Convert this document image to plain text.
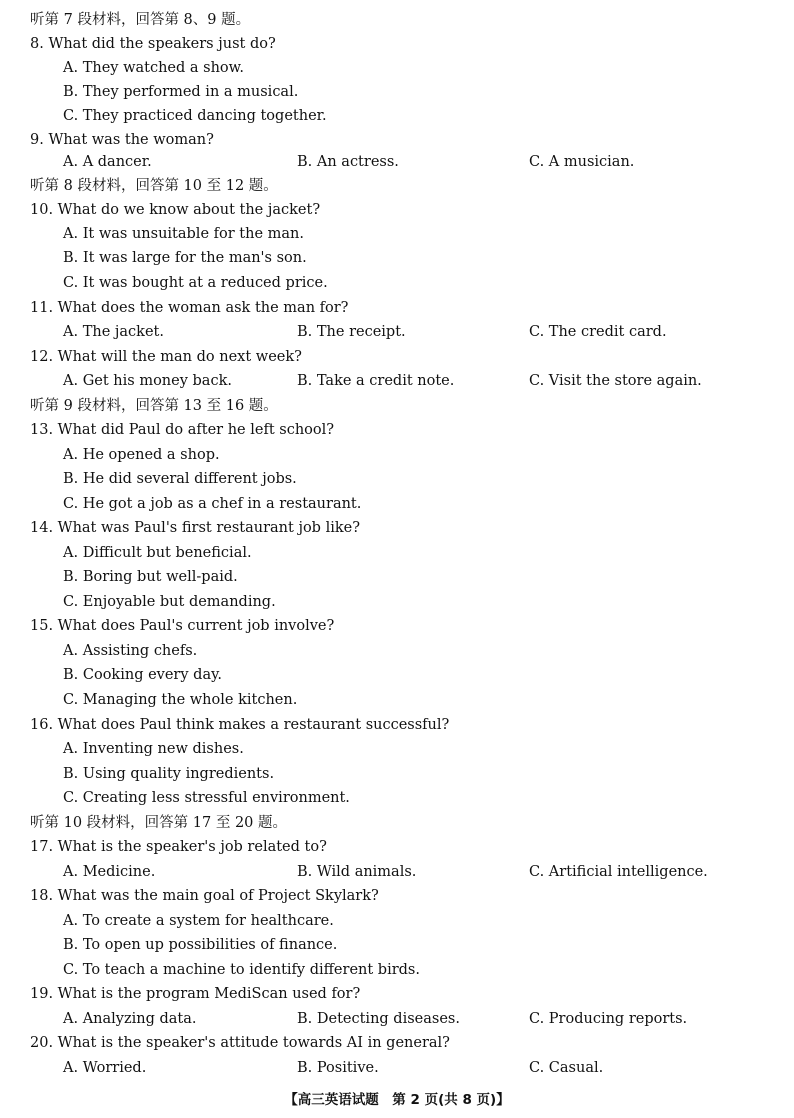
听第 7 段材料，回答第 8、9 题。
8. What did the speakers just do?
A. They watched a show.
B. They performed in a musical.
C. They practiced dancing together.
9. What was the woman?
A. A dancer.	B. An actress.	C. A musician.
听第 8 段材料，回答第 10 至 12 题。
10. What do we know about the jacket?
A. It was unsuitable for the man.
B. It was large for the man's son.
C. It was bought at a reduced price.
11. What does the woman ask the man for?
A. The jacket.	B. The receipt.	C. The credit card.
12. What will the man do next week?
A. Get his money back.	B. Take a credit note.	C. Visit the store again.
听第 9 段材料，回答第 13 至 16 题。
13. What did Paul do after he left school?
A. He opened a shop.
B. He did several different jobs.
C. He got a job as a chef in a restaurant.
14. What was Paul's first restaurant job like?
A. Difficult but beneficial.
B. Boring but well-paid.
C. Enjoyable but demanding.
15. What does Paul's current job involve?
A. Assisting chefs.
B. Cooking every day.
C. Managing the whole kitchen.
16. What does Paul think makes a restaurant successful?
A. Inventing new dishes.
B. Using quality ingredients.
C. Creating less stressful environment.
听第 10 段材料，回答第 17 至 20 题。
17. What is the speaker's job related to?
A. Medicine.	B. Wild animals.	C. Artificial intelligence.
18. What was the main goal of Project Skylark?
A. To create a system for healthcare.
B. To open up possibilities of finance.
C. To teach a machine to identify different birds.
19. What is the program MediScan used for?
A. Analyzing data.	B. Detecting diseases.	C. Producing reports.
20. What is the speaker's attitude towards AI in general?
A. Worried.	B. Positive.	C. Casual.
【高三英语试题　第 2 页(共 8 页)】
